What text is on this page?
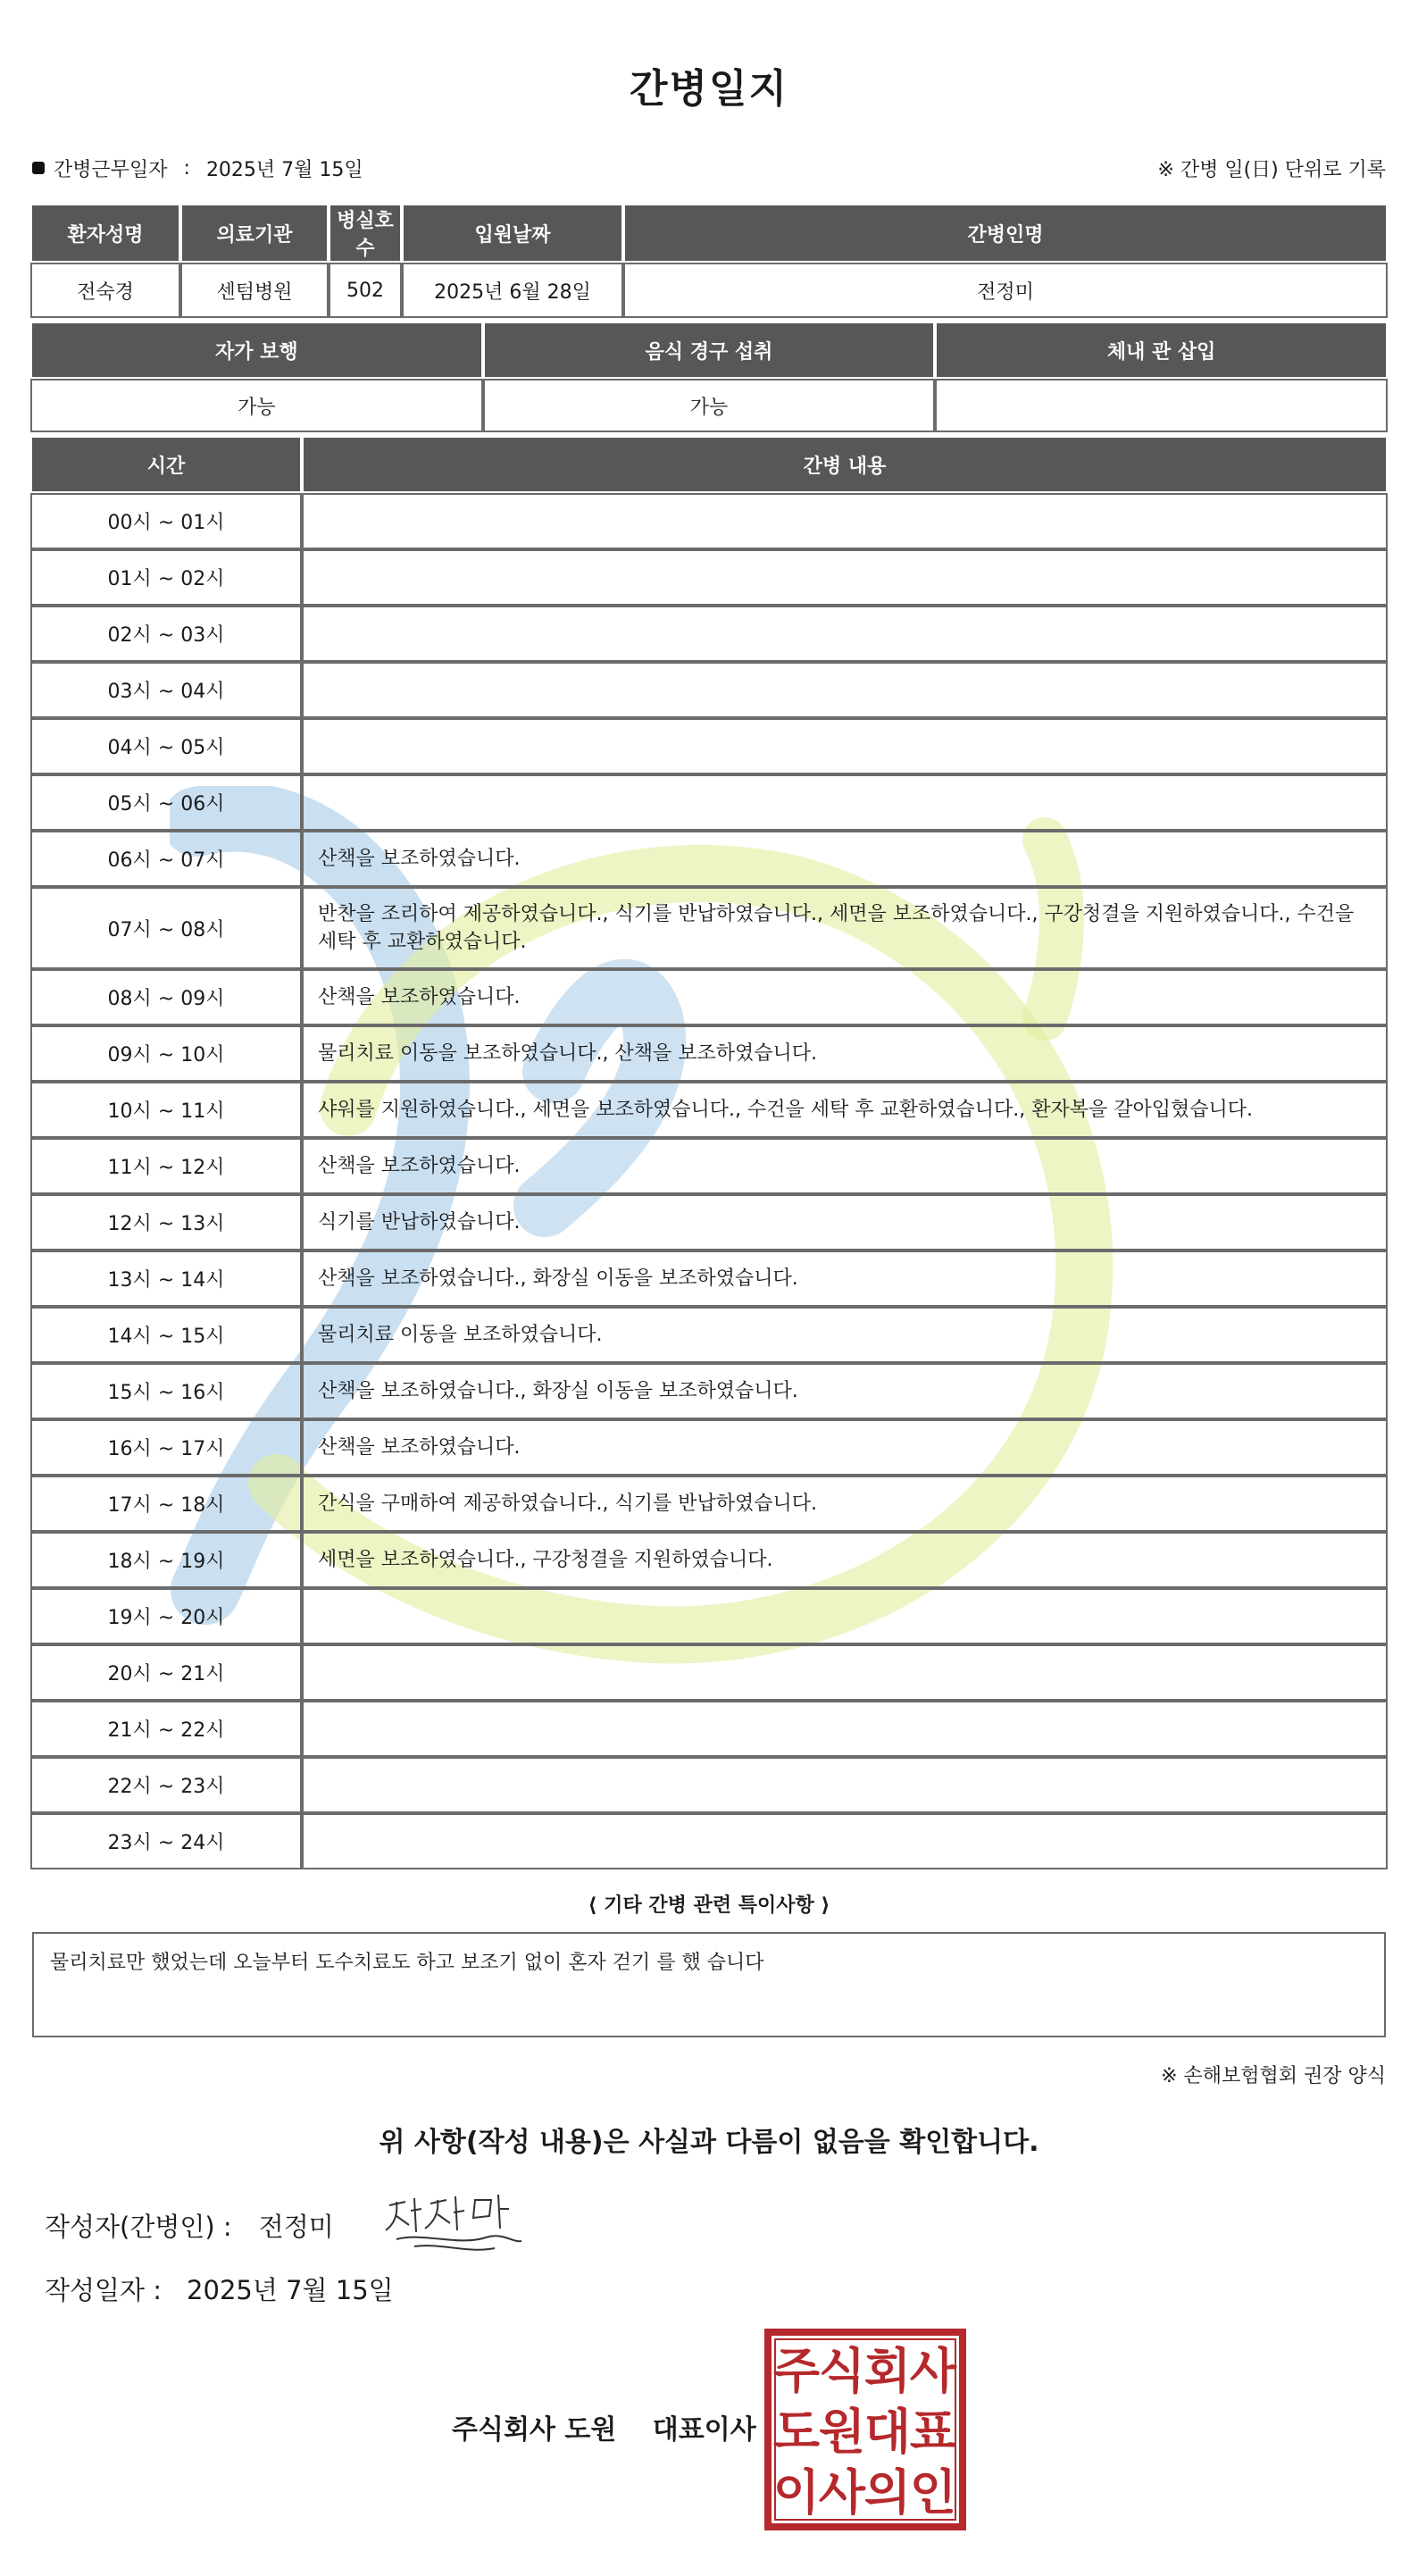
간병일지
간병근무일자 : 2025년 7월 15일	※ 간병 일(日) 단위로 기록
환자성명	의료기관	병실호수	입원날짜	간병인명
전숙경	센텀병원	502	2025년 6월 28일	전정미
자가 보행	음식 경구 섭취	체내 관 삽입
가능	가능	
시간	간병 내용
00시 ~ 01시	
01시 ~ 02시	
02시 ~ 03시	
03시 ~ 04시	
04시 ~ 05시	
05시 ~ 06시	
06시 ~ 07시	산책을 보조하였습니다.
07시 ~ 08시	반찬을 조리하여 제공하였습니다., 식기를 반납하였습니다., 세면을 보조하였습니다., 구강청결을 지원하였습니다., 수건을 세탁 후 교환하였습니다.
08시 ~ 09시	산책을 보조하였습니다.
09시 ~ 10시	물리치료 이동을 보조하였습니다., 산책을 보조하였습니다.
10시 ~ 11시	샤워를 지원하였습니다., 세면을 보조하였습니다., 수건을 세탁 후 교환하였습니다., 환자복을 갈아입혔습니다.
11시 ~ 12시	산책을 보조하였습니다.
12시 ~ 13시	식기를 반납하였습니다.
13시 ~ 14시	산책을 보조하였습니다., 화장실 이동을 보조하였습니다.
14시 ~ 15시	물리치료 이동을 보조하였습니다.
15시 ~ 16시	산책을 보조하였습니다., 화장실 이동을 보조하였습니다.
16시 ~ 17시	산책을 보조하였습니다.
17시 ~ 18시	간식을 구매하여 제공하였습니다., 식기를 반납하였습니다.
18시 ~ 19시	세면을 보조하였습니다., 구강청결을 지원하였습니다.
19시 ~ 20시	
20시 ~ 21시	
21시 ~ 22시	
22시 ~ 23시	
23시 ~ 24시	
⟨ 기타 간병 관련 특이사항 ⟩
물리치료만 했었는데 오늘부터 도수치료도 하고 보조기 없이 혼자 걷기 를 했 습니다
※ 손해보험협회 권장 양식
위 사항(작성 내용)은 사실과 다름이 없음을 확인합니다.
작성자(간병인) : 전정미
작성일자 : 2025년 7월 15일
주식회사 도원 대표이사
주
식
회
사
도
원
대
표
이
사
의
인
